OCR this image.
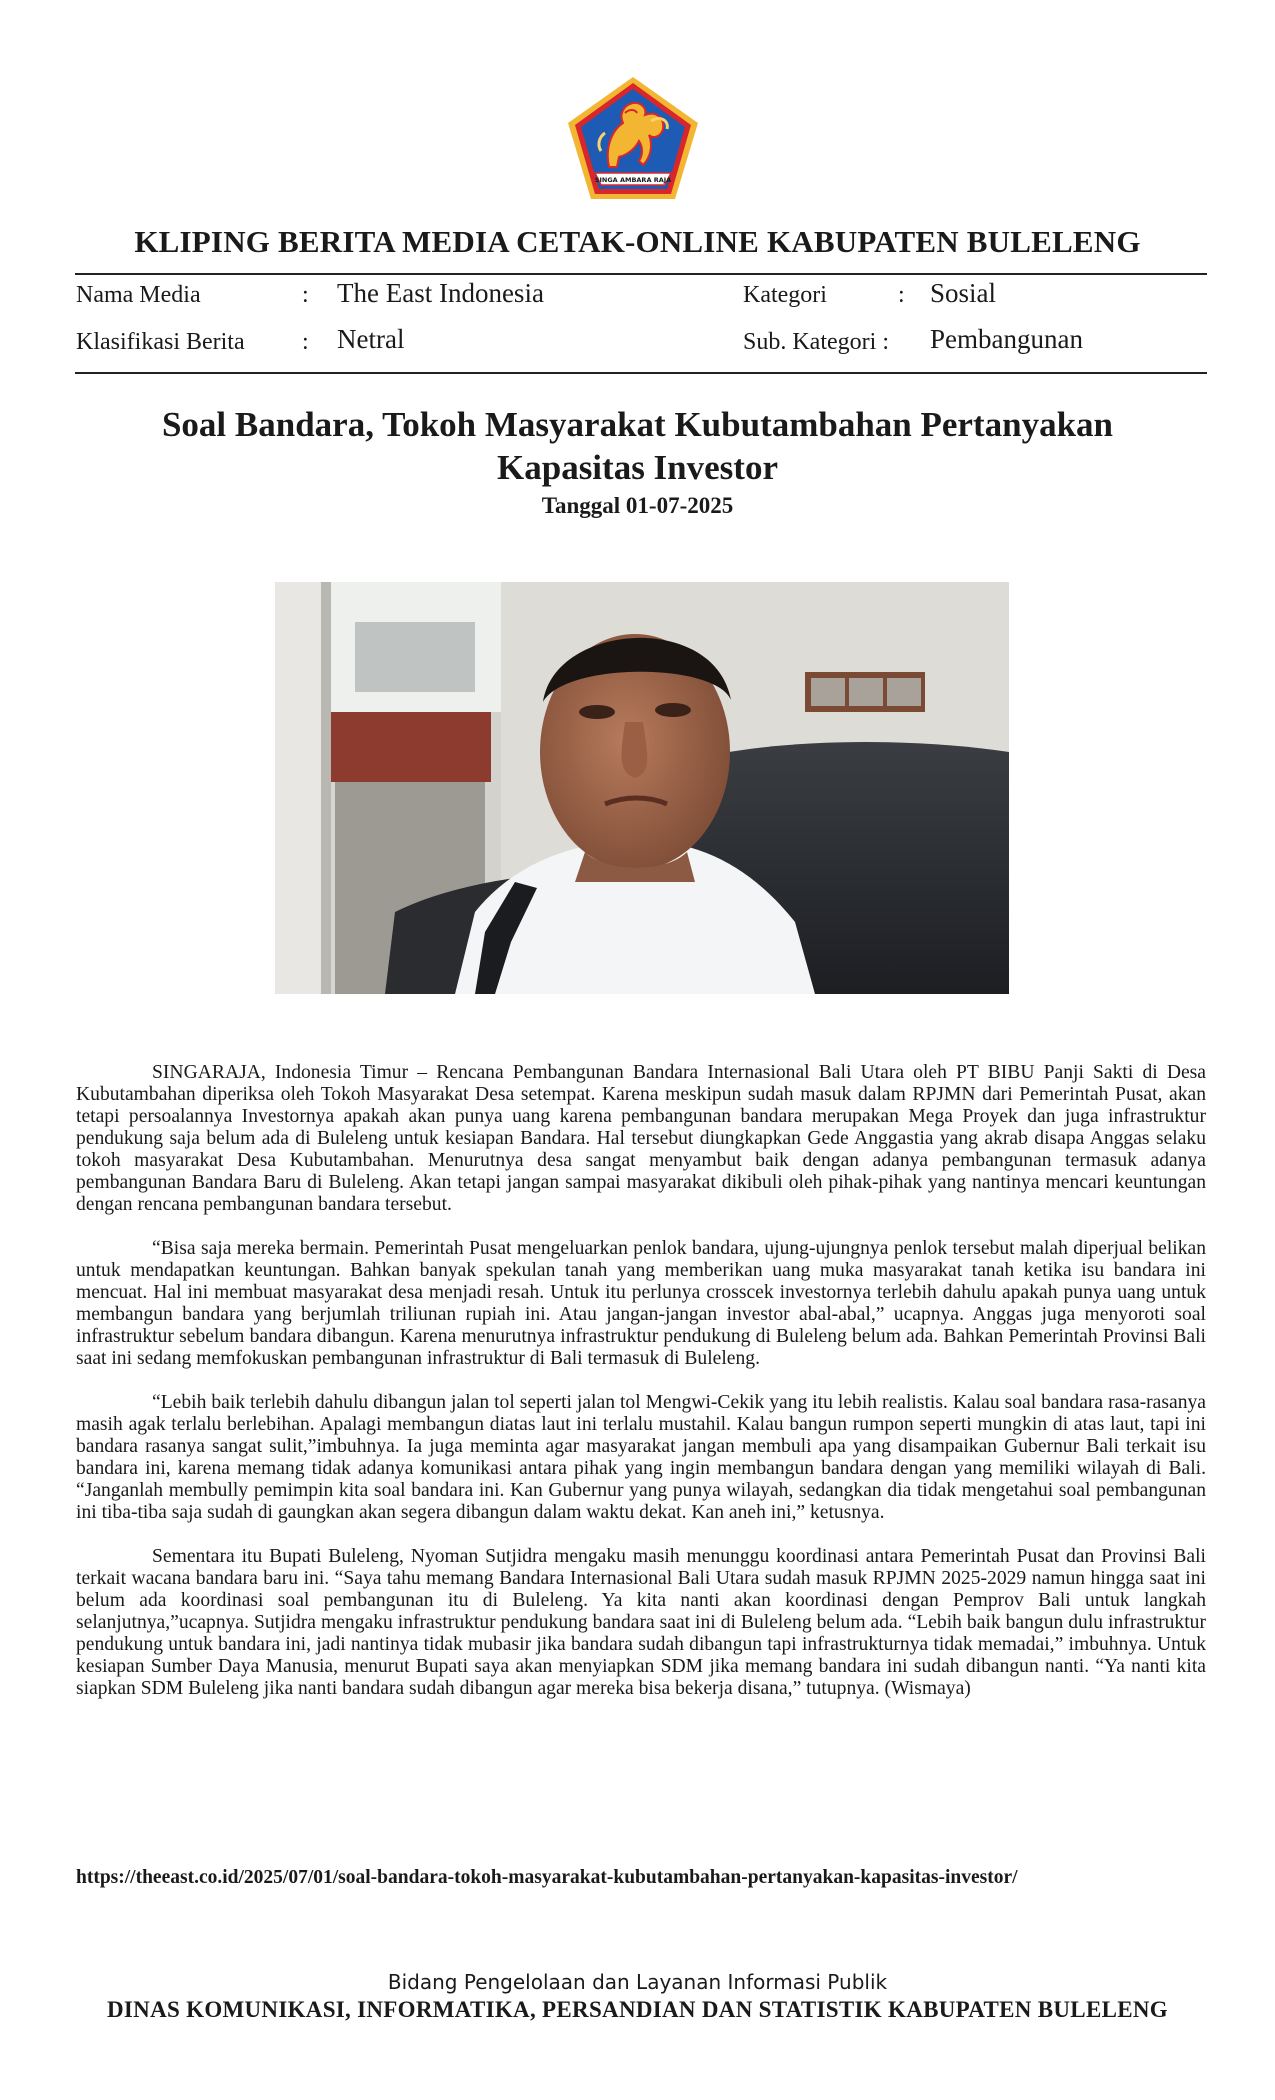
SINGA AMBARA RAJA
KLIPING BERITA MEDIA CETAK-ONLINE KABUPATEN BULELENG
Nama Media	: The East Indonesia	Kategori	: Sosial
Klasifikasi Berita : Netral	Sub. Kategori : Pembangunan
Soal Bandara, Tokoh Masyarakat Kubutambahan Pertanyakan Kapasitas Investor
Tanggal 01-07-2025

SINGARAJA, Indonesia Timur – Rencana Pembangunan Bandara Internasional Bali Utara oleh PT BIBU Panji Sakti di Desa Kubutambahan diperiksa oleh Tokoh Masyarakat Desa setempat. Karena meskipun sudah masuk dalam RPJMN dari Pemerintah Pusat, akan tetapi persoalannya Investornya apakah akan punya uang karena pembangunan bandara merupakan Mega Proyek dan juga infrastruktur pendukung saja belum ada di Buleleng untuk kesiapan Bandara. Hal tersebut diungkapkan Gede Anggastia yang akrab disapa Anggas selaku tokoh masyarakat Desa Kubutambahan. Menurutnya desa sangat menyambut baik dengan adanya pembangunan termasuk adanya pembangunan Bandara Baru di Buleleng. Akan tetapi jangan sampai masyarakat dikibuli oleh pihak-pihak yang nantinya mencari keuntungan dengan rencana pembangunan bandara tersebut.

“Bisa saja mereka bermain. Pemerintah Pusat mengeluarkan penlok bandara, ujung-ujungnya penlok tersebut malah diperjual belikan untuk mendapatkan keuntungan. Bahkan banyak spekulan tanah yang memberikan uang muka masyarakat tanah ketika isu bandara ini mencuat. Hal ini membuat masyarakat desa menjadi resah. Untuk itu perlunya crosscek investornya terlebih dahulu apakah punya uang untuk membangun bandara yang berjumlah triliunan rupiah ini. Atau jangan-jangan investor abal-abal,” ucapnya. Anggas juga menyoroti soal infrastruktur sebelum bandara dibangun. Karena menurutnya infrastruktur pendukung di Buleleng belum ada. Bahkan Pemerintah Provinsi Bali saat ini sedang memfokuskan pembangunan infrastruktur di Bali termasuk di Buleleng.

“Lebih baik terlebih dahulu dibangun jalan tol seperti jalan tol Mengwi-Cekik yang itu lebih realistis. Kalau soal bandara rasa-rasanya masih agak terlalu berlebihan. Apalagi membangun diatas laut ini terlalu mustahil. Kalau bangun rumpon seperti mungkin di atas laut, tapi ini bandara rasanya sangat sulit,”imbuhnya. Ia juga meminta agar masyarakat jangan membuli apa yang disampaikan Gubernur Bali terkait isu bandara ini, karena memang tidak adanya komunikasi antara pihak yang ingin membangun bandara dengan yang memiliki wilayah di Bali. “Janganlah membully pemimpin kita soal bandara ini. Kan Gubernur yang punya wilayah, sedangkan dia tidak mengetahui soal pembangunan ini tiba-tiba saja sudah di gaungkan akan segera dibangun dalam waktu dekat. Kan aneh ini,” ketusnya.

Sementara itu Bupati Buleleng, Nyoman Sutjidra mengaku masih menunggu koordinasi antara Pemerintah Pusat dan Provinsi Bali terkait wacana bandara baru ini. “Saya tahu memang Bandara Internasional Bali Utara sudah masuk RPJMN 2025-2029 namun hingga saat ini belum ada koordinasi soal pembangunan itu di Buleleng. Ya kita nanti akan koordinasi dengan Pemprov Bali untuk langkah selanjutnya,”ucapnya. Sutjidra mengaku infrastruktur pendukung bandara saat ini di Buleleng belum ada. “Lebih baik bangun dulu infrastruktur pendukung untuk bandara ini, jadi nantinya tidak mubasir jika bandara sudah dibangun tapi infrastrukturnya tidak memadai,” imbuhnya. Untuk kesiapan Sumber Daya Manusia, menurut Bupati saya akan menyiapkan SDM jika memang bandara ini sudah dibangun nanti. “Ya nanti kita siapkan SDM Buleleng jika nanti bandara sudah dibangun agar mereka bisa bekerja disana,” tutupnya. (Wismaya)

https://theeast.co.id/2025/07/01/soal-bandara-tokoh-masyarakat-kubutambahan-pertanyakan-kapasitas-investor/
Bidang Pengelolaan dan Layanan Informasi Publik
DINAS KOMUNIKASI, INFORMATIKA, PERSANDIAN DAN STATISTIK KABUPATEN BULELENG
